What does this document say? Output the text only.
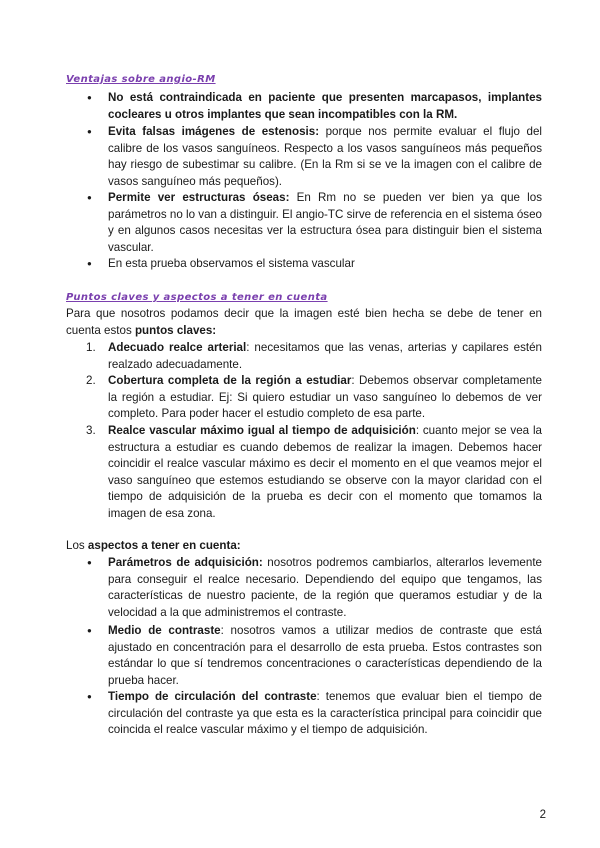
Ventajas sobre angio-RM
● No está contraindicada en paciente que presenten marcapasos, implantes cocleares u otros implantes que sean incompatibles con la RM.
● Evita falsas imágenes de estenosis: porque nos permite evaluar el flujo del calibre de los vasos sanguíneos. Respecto a los vasos sanguíneos más pequeños hay riesgo de subestimar su calibre. (En la Rm si se ve la imagen con el calibre de vasos sanguíneo más pequeños).
● Permite ver estructuras óseas: En Rm no se pueden ver bien ya que los parámetros no lo van a distinguir. El angio-TC sirve de referencia en el sistema óseo y en algunos casos necesitas ver la estructura ósea para distinguir bien el sistema vascular.
● En esta prueba observamos el sistema vascular
Puntos claves y aspectos a tener en cuenta
Para que nosotros podamos decir que la imagen esté bien hecha se debe de tener en cuenta estos puntos claves:
1. Adecuado realce arterial: necesitamos que las venas, arterias y capilares estén realzado adecuadamente.
2. Cobertura completa de la región a estudiar: Debemos observar completamente la región a estudiar. Ej: Si quiero estudiar un vaso sanguíneo lo debemos de ver completo. Para poder hacer el estudio completo de esa parte.
3. Realce vascular máximo igual al tiempo de adquisición: cuanto mejor se vea la estructura a estudiar es cuando debemos de realizar la imagen. Debemos hacer coincidir el realce vascular máximo es decir el momento en el que veamos mejor el vaso sanguíneo que estemos estudiando se observe con la mayor claridad con el tiempo de adquisición de la prueba es decir con el momento que tomamos la imagen de esa zona.
Los aspectos a tener en cuenta:
● Parámetros de adquisición: nosotros podremos cambiarlos, alterarlos levemente para conseguir el realce necesario. Dependiendo del equipo que tengamos, las características de nuestro paciente, de la región que queramos estudiar y de la velocidad a la que administremos el contraste.
● Medio de contraste: nosotros vamos a utilizar medios de contraste que está ajustado en concentración para el desarrollo de esta prueba. Estos contrastes son estándar lo que sí tendremos concentraciones o características dependiendo de la prueba hacer.
● Tiempo de circulación del contraste: tenemos que evaluar bien el tiempo de circulación del contraste ya que esta es la característica principal para coincidir que coincida el realce vascular máximo y el tiempo de adquisición.
2
